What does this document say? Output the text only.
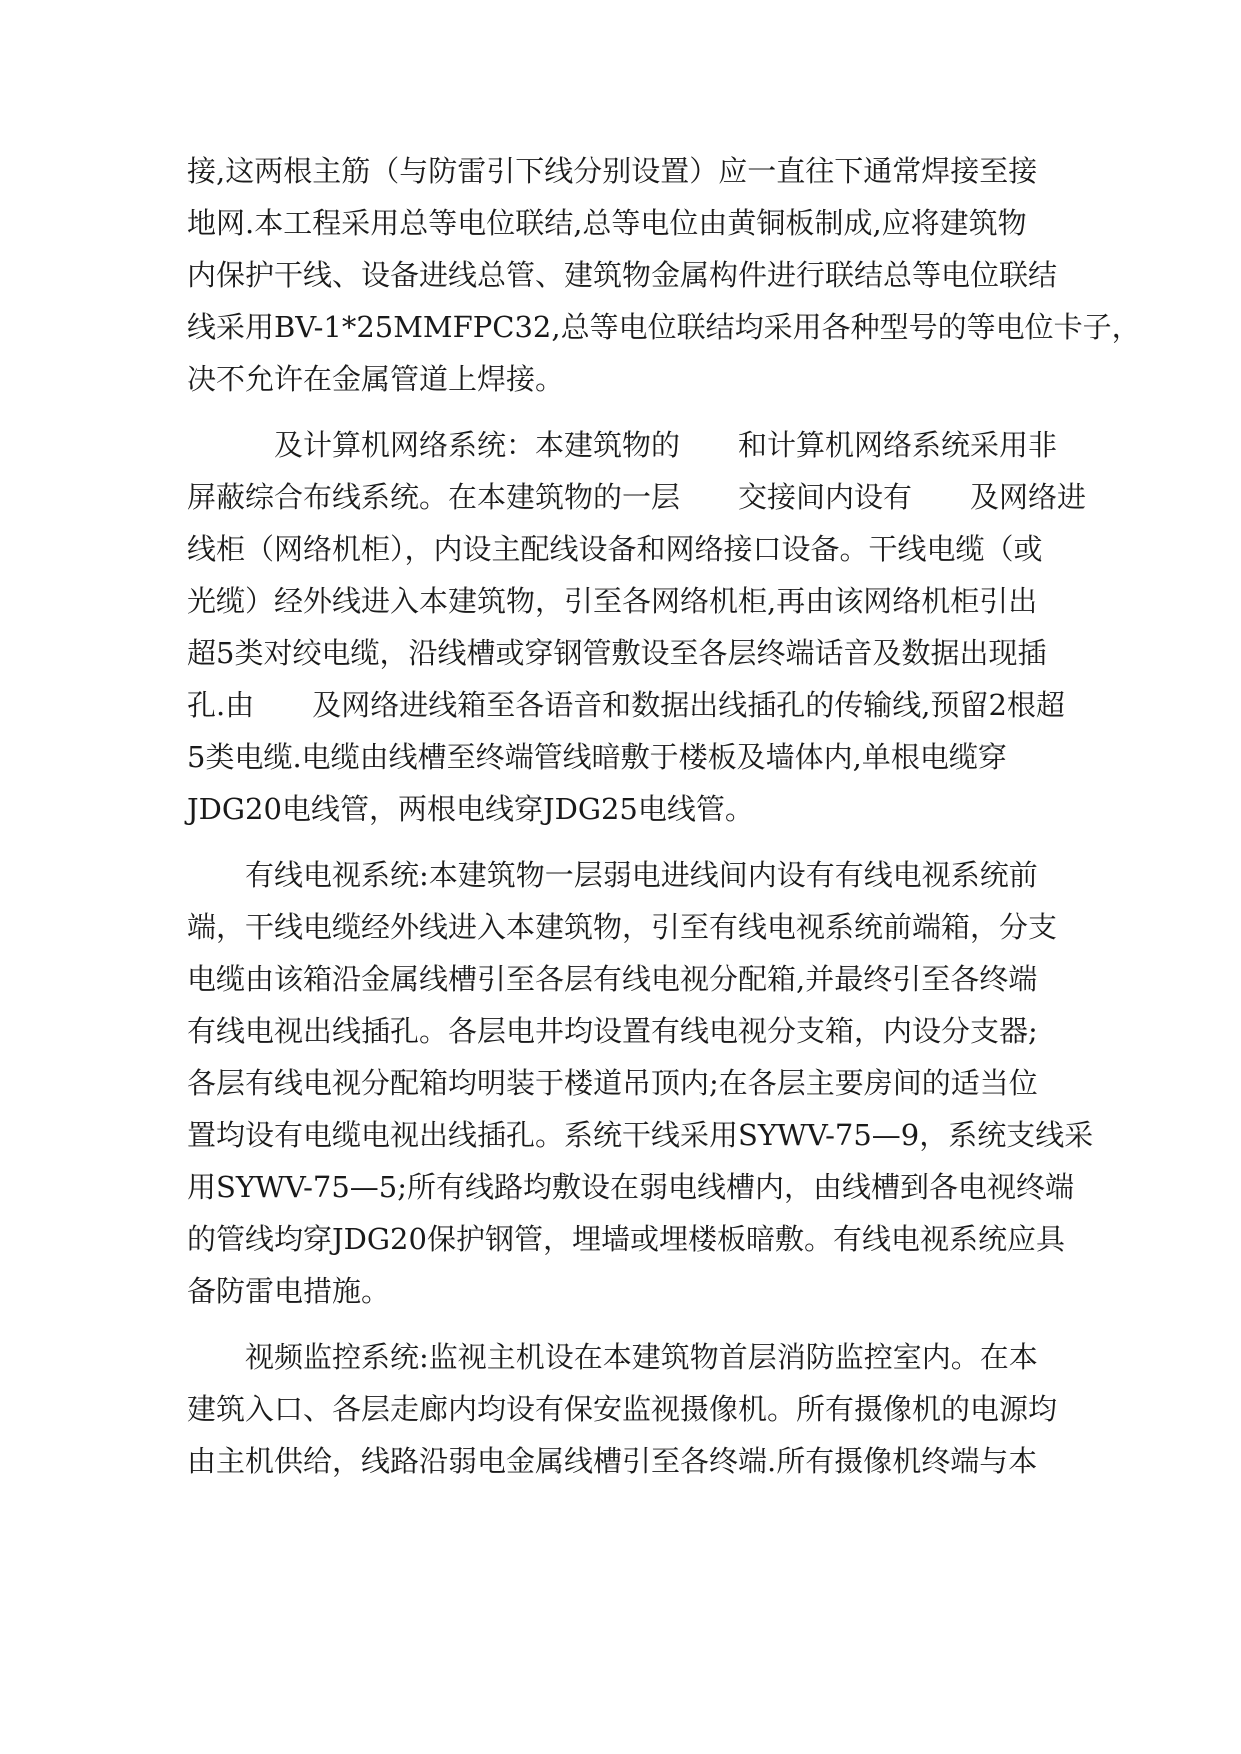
接,这两根主筋（与防雷引下线分别设置）应一直往下通常焊接至接
地网.本工程采用总等电位联结,总等电位由黄铜板制成,应将建筑物
内保护干线、设备进线总管、建筑物金属构件进行联结总等电位联结
线采用BV-1*25MMFPC32,总等电位联结均采用各种型号的等电位卡子，
决不允许在金属管道上焊接。
　　　及计算机网络系统：本建筑物的　　和计算机网络系统采用非
屏蔽综合布线系统。在本建筑物的一层　　交接间内设有　　及网络进
线柜（网络机柜），内设主配线设备和网络接口设备。干线电缆（或
光缆）经外线进入本建筑物，引至各网络机柜,再由该网络机柜引出
超5类对绞电缆，沿线槽或穿钢管敷设至各层终端话音及数据出现插
孔.由　　及网络进线箱至各语音和数据出线插孔的传输线,预留2根超
5类电缆.电缆由线槽至终端管线暗敷于楼板及墙体内,单根电缆穿
JDG20电线管，两根电线穿JDG25电线管。
　　有线电视系统:本建筑物一层弱电进线间内设有有线电视系统前
端，干线电缆经外线进入本建筑物，引至有线电视系统前端箱，分支
电缆由该箱沿金属线槽引至各层有线电视分配箱,并最终引至各终端
有线电视出线插孔。各层电井均设置有线电视分支箱，内设分支器;
各层有线电视分配箱均明装于楼道吊顶内;在各层主要房间的适当位
置均设有电缆电视出线插孔。系统干线采用SYWV-75—9，系统支线采
用SYWV-75—5;所有线路均敷设在弱电线槽内，由线槽到各电视终端
的管线均穿JDG20保护钢管，埋墙或埋楼板暗敷。有线电视系统应具
备防雷电措施。
　　视频监控系统:监视主机设在本建筑物首层消防监控室内。在本
建筑入口、各层走廊内均设有保安监视摄像机。所有摄像机的电源均
由主机供给，线路沿弱电金属线槽引至各终端.所有摄像机终端与本
